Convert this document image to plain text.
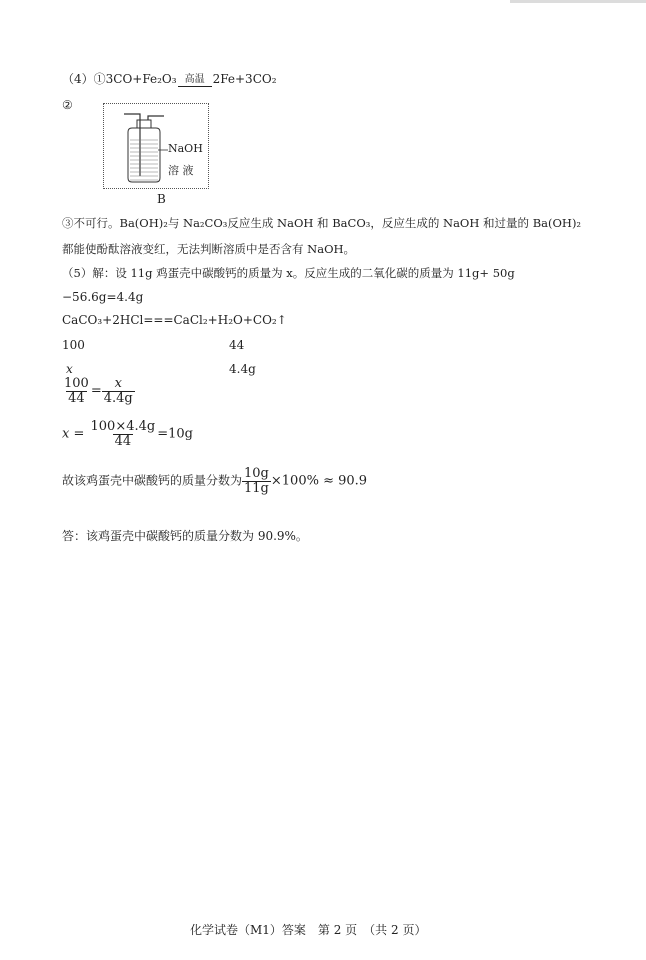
（4）①3CO+Fe₂O₃ 高温 2Fe+3CO₂
②
NaOH
溶 液
B
③不可行。Ba(OH)₂与 Na₂CO₃反应生成 NaOH 和 BaCO₃，反应生成的 NaOH 和过量的 Ba(OH)₂
都能使酚酞溶液变红，无法判断溶质中是否含有 NaOH。
（5）解：设 11g 鸡蛋壳中碳酸钙的质量为 x。反应生成的二氧化碳的质量为 11g+ 50g
−56.6g=4.4g
CaCO₃+2HCl===CaCl₂+H₂O+CO₂↑
100	44
x	4.4g
$\frac{100}{44} = \frac{x}{4.4g}$
$x = \frac{100\times 4.4g}{44} =10g$
故该鸡蛋壳中碳酸钙的质量分数为 $\frac{10g}{11g} \times 100\% \approx 90.9$
答：该鸡蛋壳中碳酸钙的质量分数为 90.9%。
化学试卷（M1）答案　第 2 页　（共 2 页）
